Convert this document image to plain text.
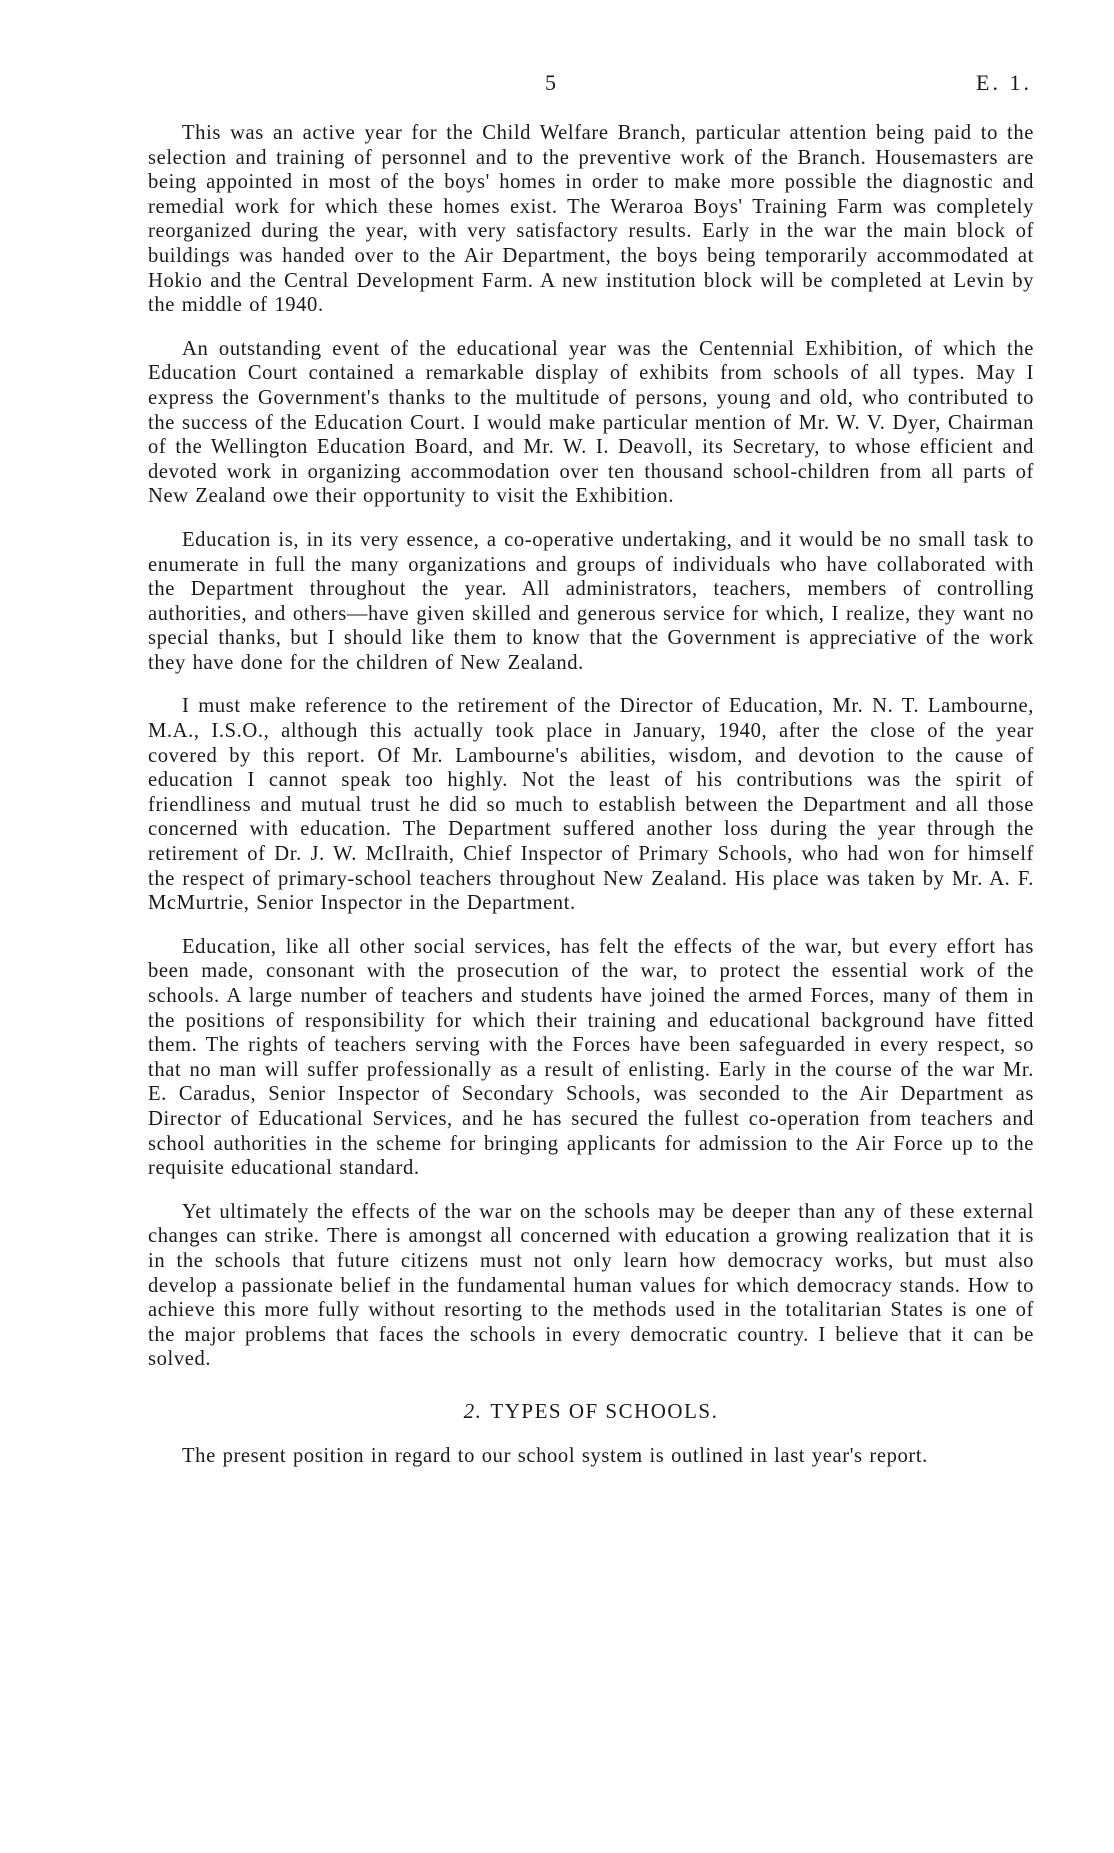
5	E. 1.

This was an active year for the Child Welfare Branch, particular attention being paid to the selection and training of personnel and to the preventive work of the Branch. Housemasters are being appointed in most of the boys' homes in order to make more possible the diagnostic and remedial work for which these homes exist. The Weraroa Boys' Training Farm was completely reorganized during the year, with very satisfactory results. Early in the war the main block of buildings was handed over to the Air Department, the boys being temporarily accommodated at Hokio and the Central Development Farm. A new institution block will be completed at Levin by the middle of 1940.

An outstanding event of the educational year was the Centennial Exhibition, of which the Education Court contained a remarkable display of exhibits from schools of all types. May I express the Government's thanks to the multitude of persons, young and old, who contributed to the success of the Education Court. I would make particular mention of Mr. W. V. Dyer, Chairman of the Wellington Education Board, and Mr. W. I. Deavoll, its Secretary, to whose efficient and devoted work in organizing accommodation over ten thousand school-children from all parts of New Zealand owe their opportunity to visit the Exhibition.

Education is, in its very essence, a co-operative undertaking, and it would be no small task to enumerate in full the many organizations and groups of individuals who have collaborated with the Department throughout the year. All administrators, teachers, members of controlling authorities, and others—have given skilled and generous service for which, I realize, they want no special thanks, but I should like them to know that the Government is appreciative of the work they have done for the children of New Zealand.

I must make reference to the retirement of the Director of Education, Mr. N. T. Lambourne, M.A., I.S.O., although this actually took place in January, 1940, after the close of the year covered by this report. Of Mr. Lambourne's abilities, wisdom, and devotion to the cause of education I cannot speak too highly. Not the least of his contributions was the spirit of friendliness and mutual trust he did so much to establish between the Department and all those concerned with education. The Department suffered another loss during the year through the retirement of Dr. J. W. McIlraith, Chief Inspector of Primary Schools, who had won for himself the respect of primary-school teachers throughout New Zealand. His place was taken by Mr. A. F. McMurtrie, Senior Inspector in the Department.

Education, like all other social services, has felt the effects of the war, but every effort has been made, consonant with the prosecution of the war, to protect the essential work of the schools. A large number of teachers and students have joined the armed Forces, many of them in the positions of responsibility for which their training and educational background have fitted them. The rights of teachers serving with the Forces have been safeguarded in every respect, so that no man will suffer professionally as a result of enlisting. Early in the course of the war Mr. E. Caradus, Senior Inspector of Secondary Schools, was seconded to the Air Department as Director of Educational Services, and he has secured the fullest co-operation from teachers and school authorities in the scheme for bringing applicants for admission to the Air Force up to the requisite educational standard.

Yet ultimately the effects of the war on the schools may be deeper than any of these external changes can strike. There is amongst all concerned with education a growing realization that it is in the schools that future citizens must not only learn how democracy works, but must also develop a passionate belief in the fundamental human values for which democracy stands. How to achieve this more fully without resorting to the methods used in the totalitarian States is one of the major problems that faces the schools in every democratic country. I believe that it can be solved.

2. TYPES OF SCHOOLS.

The present position in regard to our school system is outlined in last year's report.
